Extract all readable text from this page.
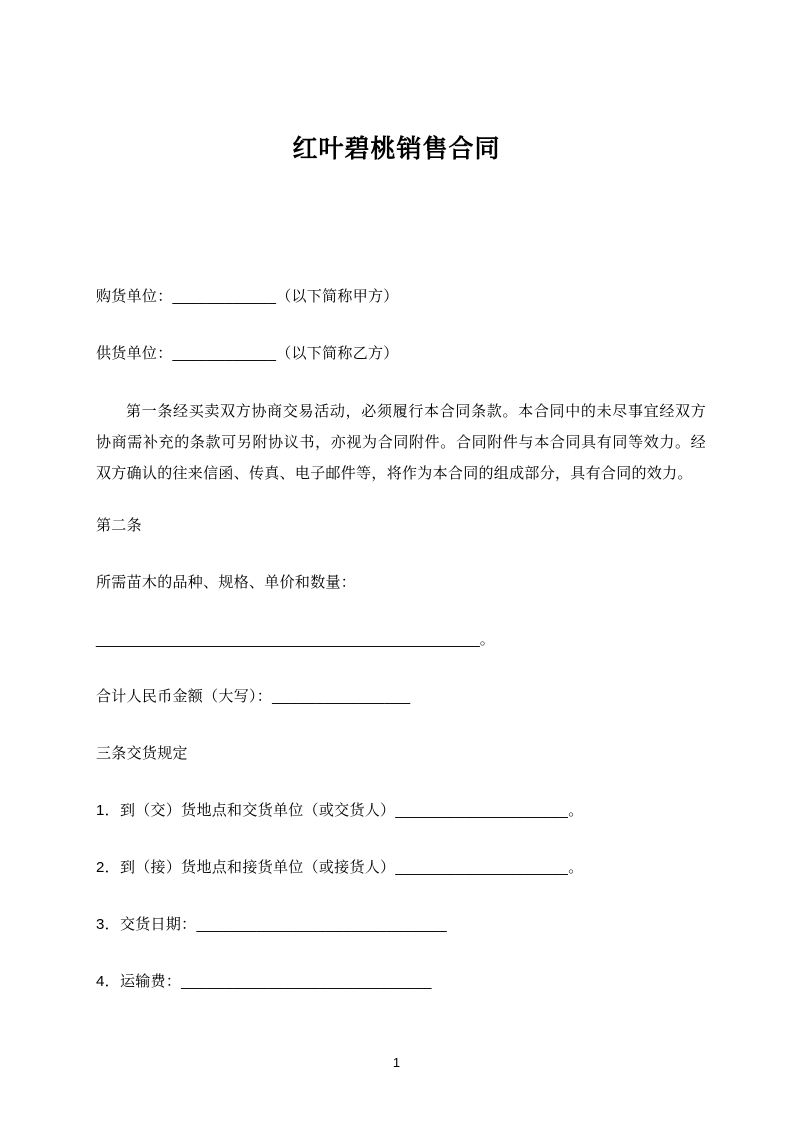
红叶碧桃销售合同

购货单位：____________（以下简称甲方）

供货单位：____________（以下简称乙方）

第一条经买卖双方协商交易活动，必须履行本合同条款。本合同中的未尽事宜经双方协商需补充的条款可另附协议书，亦视为合同附件。合同附件与本合同具有同等效力。经双方确认的往来信函、传真、电子邮件等，将作为本合同的组成部分，具有合同的效力。

第二条

所需苗木的品种、规格、单价和数量：

______________________________________________。

合计人民币金额（大写）：________________

三条交货规定

1．到（交）货地点和交货单位（或交货人）____________________。

2．到（接）货地点和接货单位（或接货人）____________________。

3．交货日期：_____________________________

4．运输费：_____________________________

1
